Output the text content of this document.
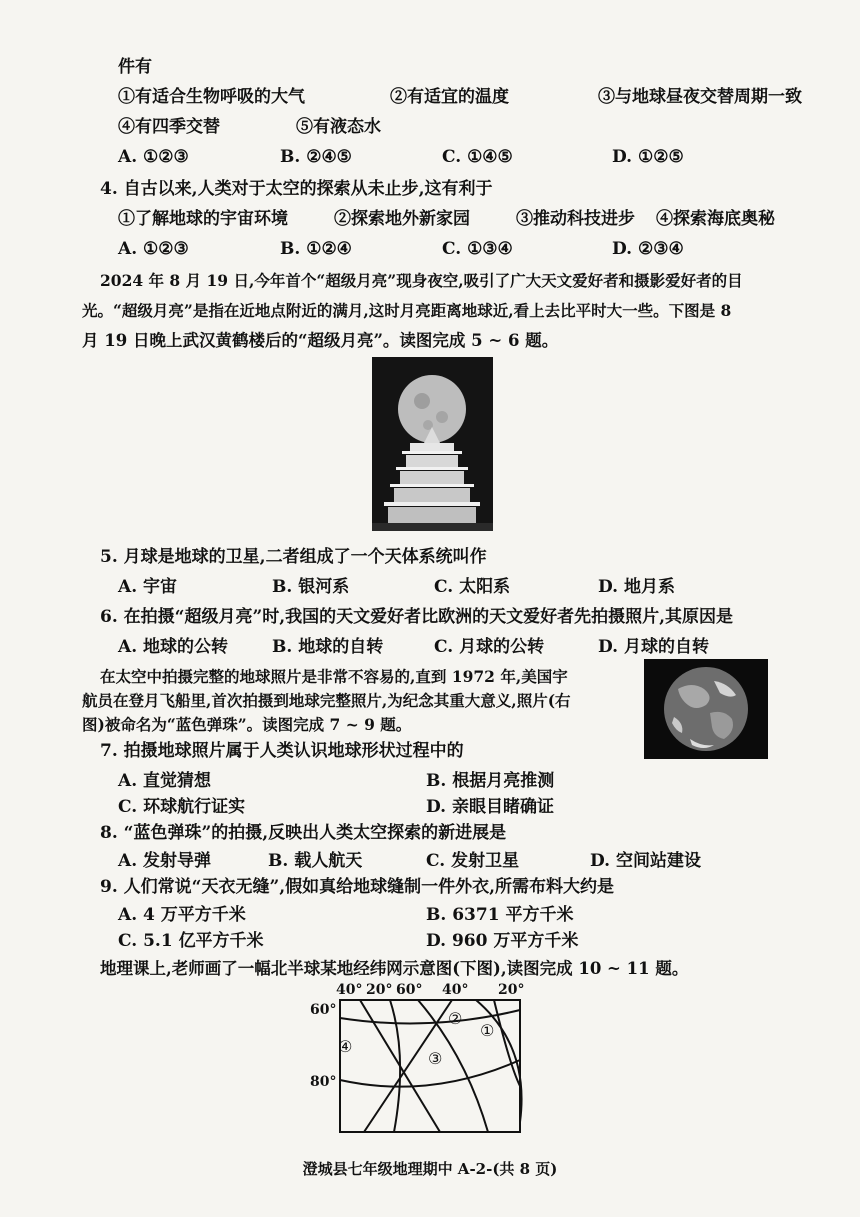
件有
①有适合生物呼吸的大气	②有适宜的温度	③与地球昼夜交替周期一致
④有四季交替	⑤有液态水
A. ①②③	B. ②④⑤	C. ①④⑤	D. ①②⑤
4. 自古以来,人类对于太空的探索从未止步,这有利于
①了解地球的宇宙环境	②探索地外新家园	③推动科技进步 ④探索海底奥秘
A. ①②③	B. ①②④	C. ①③④	D. ②③④
2024 年 8 月 19 日,今年首个“超级月亮”现身夜空,吸引了广大天文爱好者和摄影爱好者的目
光。“超级月亮”是指在近地点附近的满月,这时月亮距离地球近,看上去比平时大一些。下图是 8
月 19 日晚上武汉黄鹤楼后的“超级月亮”。读图完成 5 ~ 6 题。
5. 月球是地球的卫星,二者组成了一个天体系统叫作
A. 宇宙	B. 银河系	C. 太阳系	D. 地月系
6. 在拍摄“超级月亮”时,我国的天文爱好者比欧洲的天文爱好者先拍摄照片,其原因是
A. 地球的公转	B. 地球的自转	C. 月球的公转	D. 月球的自转
在太空中拍摄完整的地球照片是非常不容易的,直到 1972 年,美国宇
航员在登月飞船里,首次拍摄到地球完整照片,为纪念其重大意义,照片(右
图)被命名为“蓝色弹珠”。读图完成 7 ~ 9 题。
7. 拍摄地球照片属于人类认识地球形状过程中的
A. 直觉猜想	B. 根据月亮推测
C. 环球航行证实	D. 亲眼目睹确证
8. “蓝色弹珠”的拍摄,反映出人类太空探索的新进展是
A. 发射导弹	B. 载人航天	C. 发射卫星	D. 空间站建设
9. 人们常说“天衣无缝”,假如真给地球缝制一件外衣,所需布料大约是
A. 4 万平方千米	B. 6371 平方千米
C. 5.1 亿平方千米	D. 960 万平方千米
地理课上,老师画了一幅北半球某地经纬网示意图(下图),读图完成 10 ~ 11 题。
40° 20° 60° 40° 20°
60°
80°
①
②
③
④
澄城县七年级地理期中 A-2-(共 8 页)
